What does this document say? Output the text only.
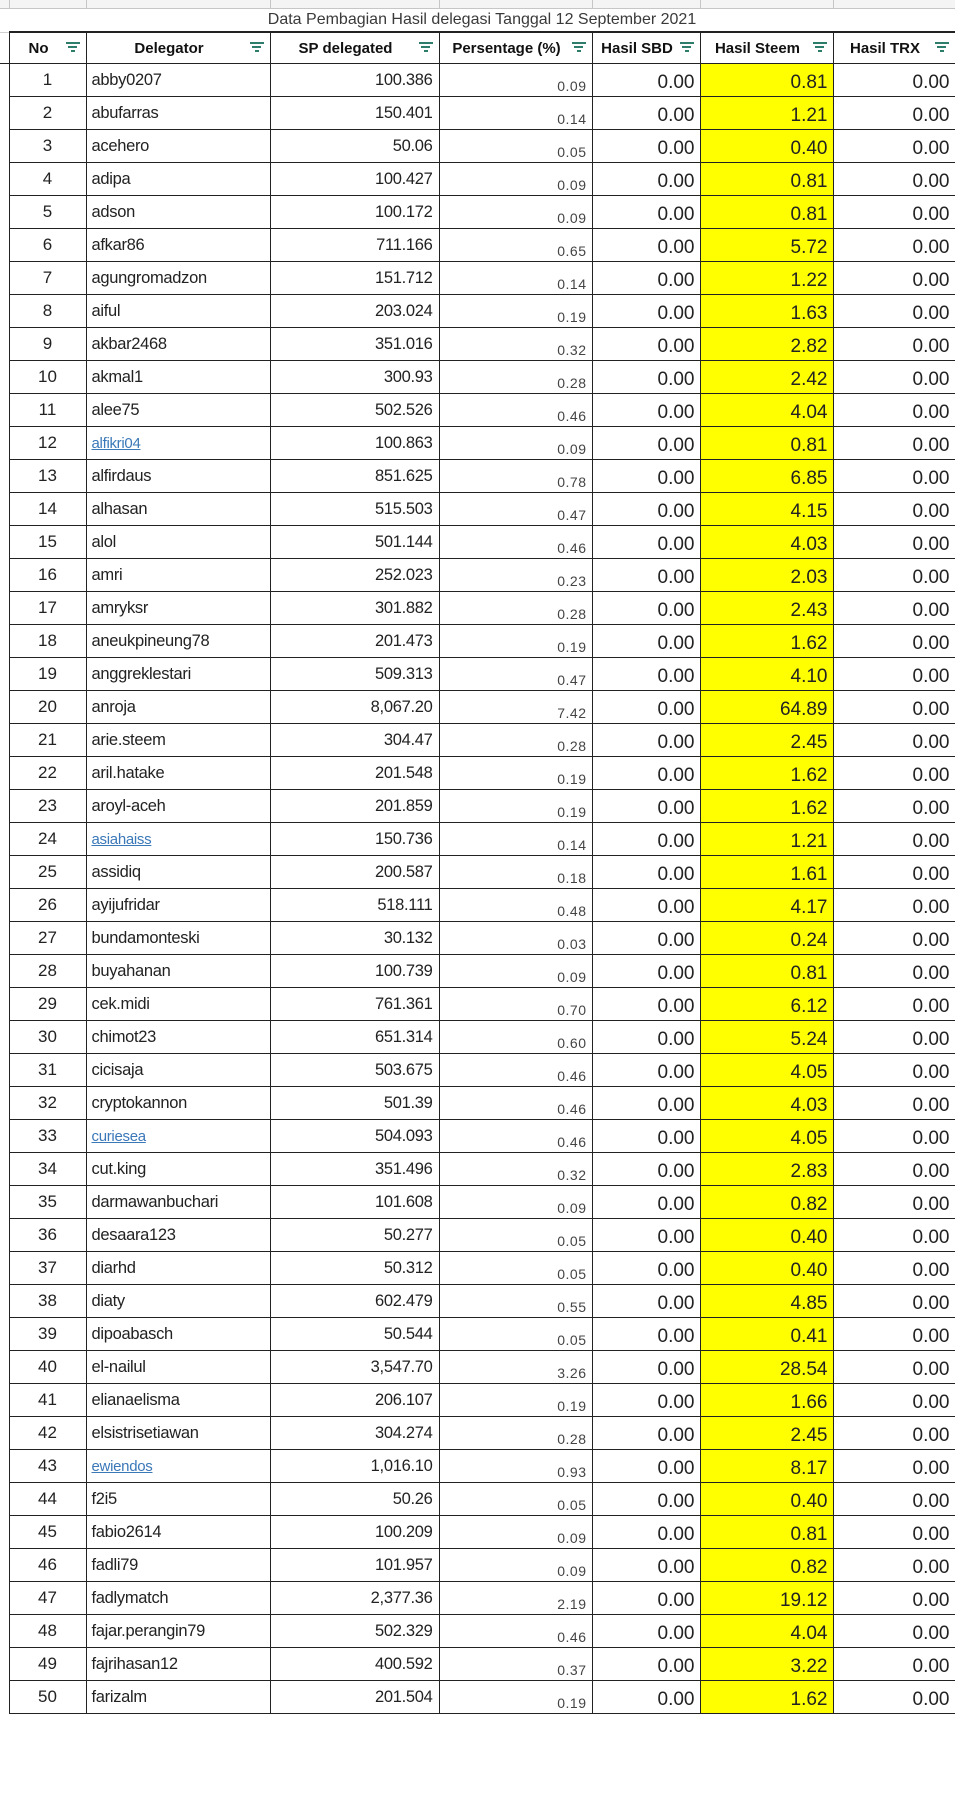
	Data Pembagian Hasil delegasi Tanggal 12 September 2021						
	No	Delegator	SP delegated	Persentage (%)	Hasil SBD	Hasil Steem	Hasil TRX

	1	abby0207	100.386	0.09	0.00	0.81	0.00
	2	abufarras	150.401	0.14	0.00	1.21	0.00
	3	acehero	50.06	0.05	0.00	0.40	0.00
	4	adipa	100.427	0.09	0.00	0.81	0.00
	5	adson	100.172	0.09	0.00	0.81	0.00
	6	afkar86	711.166	0.65	0.00	5.72	0.00
	7	agungromadzon	151.712	0.14	0.00	1.22	0.00
	8	aiful	203.024	0.19	0.00	1.63	0.00
	9	akbar2468	351.016	0.32	0.00	2.82	0.00
	10	akmal1	300.93	0.28	0.00	2.42	0.00
	11	alee75	502.526	0.46	0.00	4.04	0.00
	12	alfikri04	100.863	0.09	0.00	0.81	0.00
	13	alfirdaus	851.625	0.78	0.00	6.85	0.00
	14	alhasan	515.503	0.47	0.00	4.15	0.00
	15	alol	501.144	0.46	0.00	4.03	0.00
	16	amri	252.023	0.23	0.00	2.03	0.00
	17	amryksr	301.882	0.28	0.00	2.43	0.00
	18	aneukpineung78	201.473	0.19	0.00	1.62	0.00
	19	anggreklestari	509.313	0.47	0.00	4.10	0.00
	20	anroja	8,067.20	7.42	0.00	64.89	0.00
	21	arie.steem	304.47	0.28	0.00	2.45	0.00
	22	aril.hatake	201.548	0.19	0.00	1.62	0.00
	23	aroyl-aceh	201.859	0.19	0.00	1.62	0.00
	24	asiahaiss	150.736	0.14	0.00	1.21	0.00
	25	assidiq	200.587	0.18	0.00	1.61	0.00
	26	ayijufridar	518.111	0.48	0.00	4.17	0.00
	27	bundamonteski	30.132	0.03	0.00	0.24	0.00
	28	buyahanan	100.739	0.09	0.00	0.81	0.00
	29	cek.midi	761.361	0.70	0.00	6.12	0.00
	30	chimot23	651.314	0.60	0.00	5.24	0.00
	31	cicisaja	503.675	0.46	0.00	4.05	0.00
	32	cryptokannon	501.39	0.46	0.00	4.03	0.00
	33	curiesea	504.093	0.46	0.00	4.05	0.00
	34	cut.king	351.496	0.32	0.00	2.83	0.00
	35	darmawanbuchari	101.608	0.09	0.00	0.82	0.00
	36	desaara123	50.277	0.05	0.00	0.40	0.00
	37	diarhd	50.312	0.05	0.00	0.40	0.00
	38	diaty	602.479	0.55	0.00	4.85	0.00
	39	dipoabasch	50.544	0.05	0.00	0.41	0.00
	40	el-nailul	3,547.70	3.26	0.00	28.54	0.00
	41	elianaelisma	206.107	0.19	0.00	1.66	0.00
	42	elsistrisetiawan	304.274	0.28	0.00	2.45	0.00
	43	ewiendos	1,016.10	0.93	0.00	8.17	0.00
	44	f2i5	50.26	0.05	0.00	0.40	0.00
	45	fabio2614	100.209	0.09	0.00	0.81	0.00
	46	fadli79	101.957	0.09	0.00	0.82	0.00
	47	fadlymatch	2,377.36	2.19	0.00	19.12	0.00
	48	fajar.perangin79	502.329	0.46	0.00	4.04	0.00
	49	fajrihasan12	400.592	0.37	0.00	3.22	0.00
	50	farizalm	201.504	0.19	0.00	1.62	0.00
